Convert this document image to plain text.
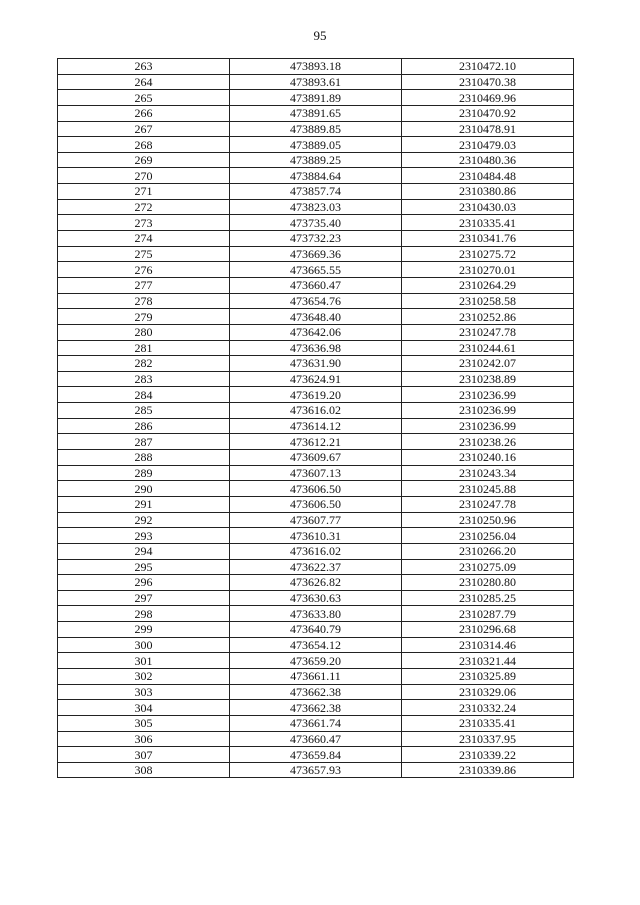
95
263	473893.18	2310472.10
264	473893.61	2310470.38
265	473891.89	2310469.96
266	473891.65	2310470.92
267	473889.85	2310478.91
268	473889.05	2310479.03
269	473889.25	2310480.36
270	473884.64	2310484.48
271	473857.74	2310380.86
272	473823.03	2310430.03
273	473735.40	2310335.41
274	473732.23	2310341.76
275	473669.36	2310275.72
276	473665.55	2310270.01
277	473660.47	2310264.29
278	473654.76	2310258.58
279	473648.40	2310252.86
280	473642.06	2310247.78
281	473636.98	2310244.61
282	473631.90	2310242.07
283	473624.91	2310238.89
284	473619.20	2310236.99
285	473616.02	2310236.99
286	473614.12	2310236.99
287	473612.21	2310238.26
288	473609.67	2310240.16
289	473607.13	2310243.34
290	473606.50	2310245.88
291	473606.50	2310247.78
292	473607.77	2310250.96
293	473610.31	2310256.04
294	473616.02	2310266.20
295	473622.37	2310275.09
296	473626.82	2310280.80
297	473630.63	2310285.25
298	473633.80	2310287.79
299	473640.79	2310296.68
300	473654.12	2310314.46
301	473659.20	2310321.44
302	473661.11	2310325.89
303	473662.38	2310329.06
304	473662.38	2310332.24
305	473661.74	2310335.41
306	473660.47	2310337.95
307	473659.84	2310339.22
308	473657.93	2310339.86
